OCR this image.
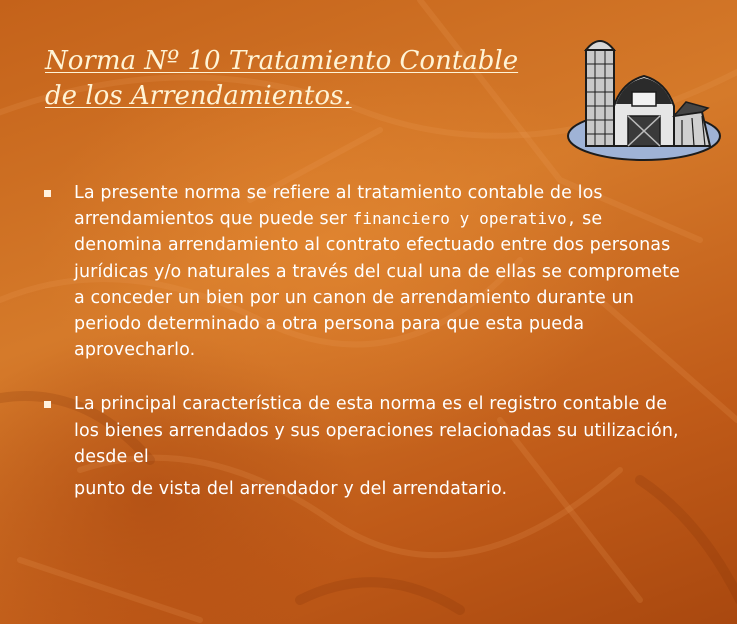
Norma Nº 10 Tratamiento Contable
de los Arrendamientos.
La presente norma se refiere al tratamiento contable de los arrendamientos que puede ser financiero y operativo, se denomina arrendamiento al contrato efectuado entre dos personas jurídicas y/o naturales a través del cual una de ellas se compromete a conceder un bien por un canon de arrendamiento durante un periodo determinado a otra persona para que esta pueda aprovecharlo.
La principal característica de esta norma es el registro contable de los bienes arrendados y sus operaciones relacionadas su utilización, desde el
punto de vista del arrendador y del arrendatario.
